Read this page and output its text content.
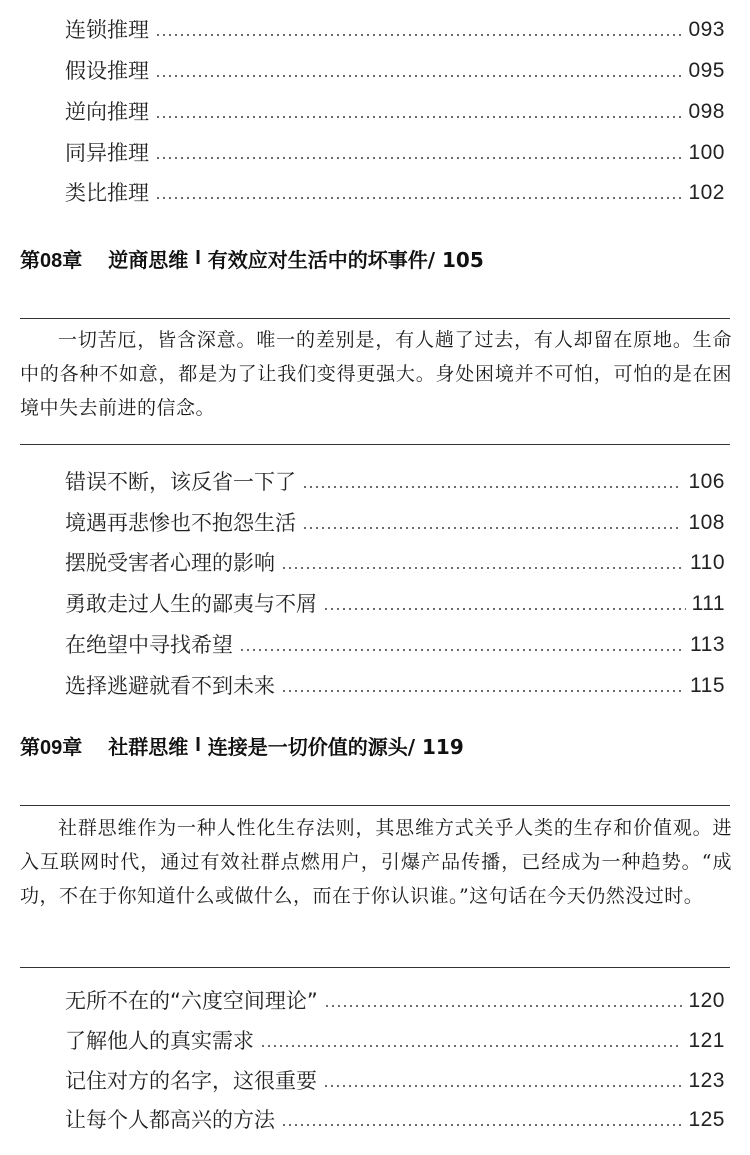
连锁推理	093
假设推理	095
逆向推理	098
同异推理	100
类比推理	102
第08章 逆商思维
I
有效应对生活中的坏事件/ 105
一切苦厄，皆含深意。唯一的差别是，有人趟了过去，有人却留在原地。生命中的各种不如意，都是为了让我们变得更强大。身处困境并不可怕，可怕的是在困境中失去前进的信念。
错误不断，该反省一下了	106
境遇再悲惨也不抱怨生活	108
摆脱受害者心理的影响	110
勇敢走过人生的鄙夷与不屑	111
在绝望中寻找希望	113
选择逃避就看不到未来	115
第09章 社群思维
I
连接是一切价值的源头/ 119
社群思维作为一种人性化生存法则，其思维方式关乎人类的生存和价值观。进入互联网时代，通过有效社群点燃用户，引爆产品传播，已经成为一种趋势。“成功，不在于你知道什么或做什么，而在于你认识谁。”这句话在今天仍然没过时。
无所不在的“六度空间理论”	120
了解他人的真实需求	121
记住对方的名字，这很重要	123
让每个人都高兴的方法	125
